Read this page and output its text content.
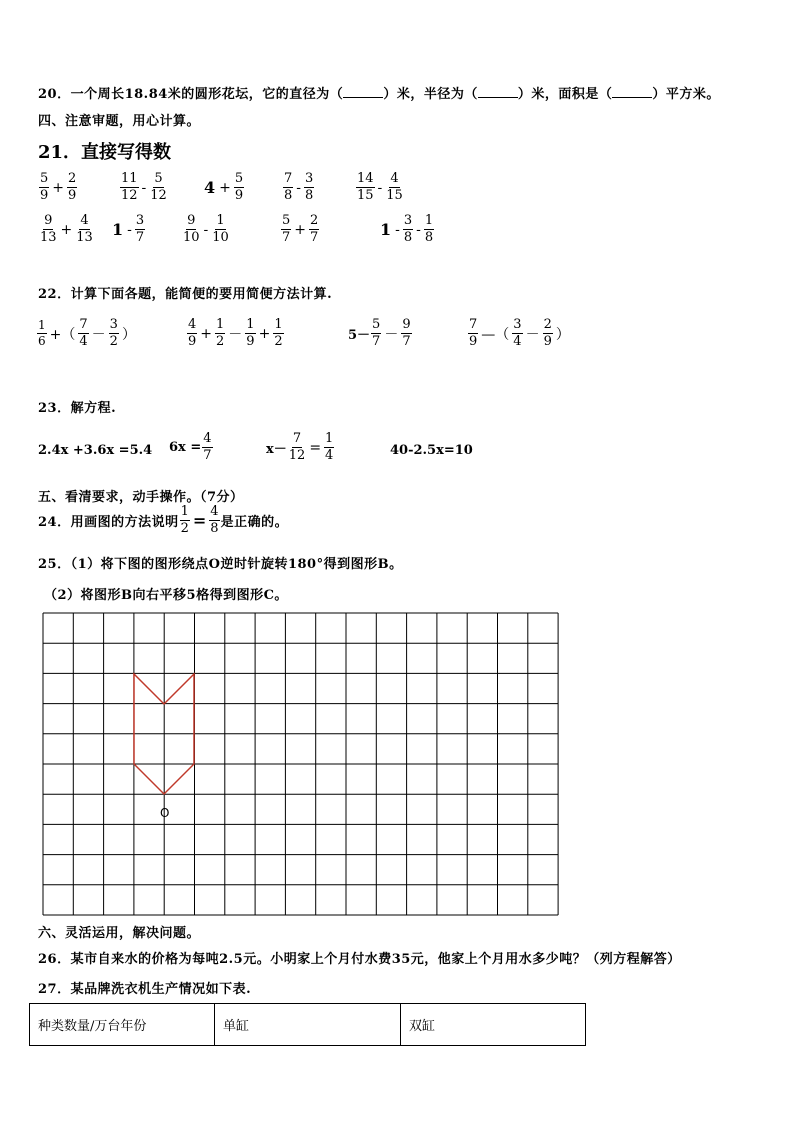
20．一个周长18.84米的圆形花坛，它的直径为（	）米，半径为（	）米，面积是（	）平方米。
四、注意审题，用心计算。
21．直接写得数
$\frac{5}{9} + \frac{2}{9}$	$\frac{11}{12} - \frac{5}{12} 4 + \frac{5}{9}$	$\frac{7}{8} - \frac{3}{8}$	$\frac{14}{15} - \frac{4}{15}$
$\frac{9}{13} + \frac{4}{13} 1 - \frac{3}{7}$	$\frac{9}{10} - \frac{1}{10}$	$\frac{5}{7} + \frac{2}{7}$	$1 - \frac{3}{8} - \frac{1}{8}$
22．计算下面各题，能简便的要用简便方法计算.
$\frac{1}{6}$ +（ $\frac{7}{4} - \frac{3}{2}$ ）	$\frac{4}{9} + \frac{1}{2} - \frac{1}{9} + \frac{1}{2}$	$5- \frac{5}{7} - \frac{9}{7}$	$\frac{7}{9}$ —（ $\frac{3}{4} - \frac{2}{9}$ ）
23．解方程.
2.4x +3.6x =5.4 $6x = \frac{4}{7}$	$x- \frac{7}{12} = \frac{1}{4}$	40-2.5x=10
五、看清要求，动手操作。（7分）
24．用画图的方法说明 $\frac{1}{2} = \frac{4}{8}$ 是正确的。
25．（1）将下图的图形绕点O逆时针旋转180°得到图形B。
（2）将图形B向右平移5格得到图形C。
O
六、灵活运用，解决问题。
26．某市自来水的价格为每吨2.5元。小明家上个月付水费35元，他家上个月用水多少吨？（列方程解答）
27．某品牌洗衣机生产情况如下表.
种类数量/万台年份	单缸	双缸
